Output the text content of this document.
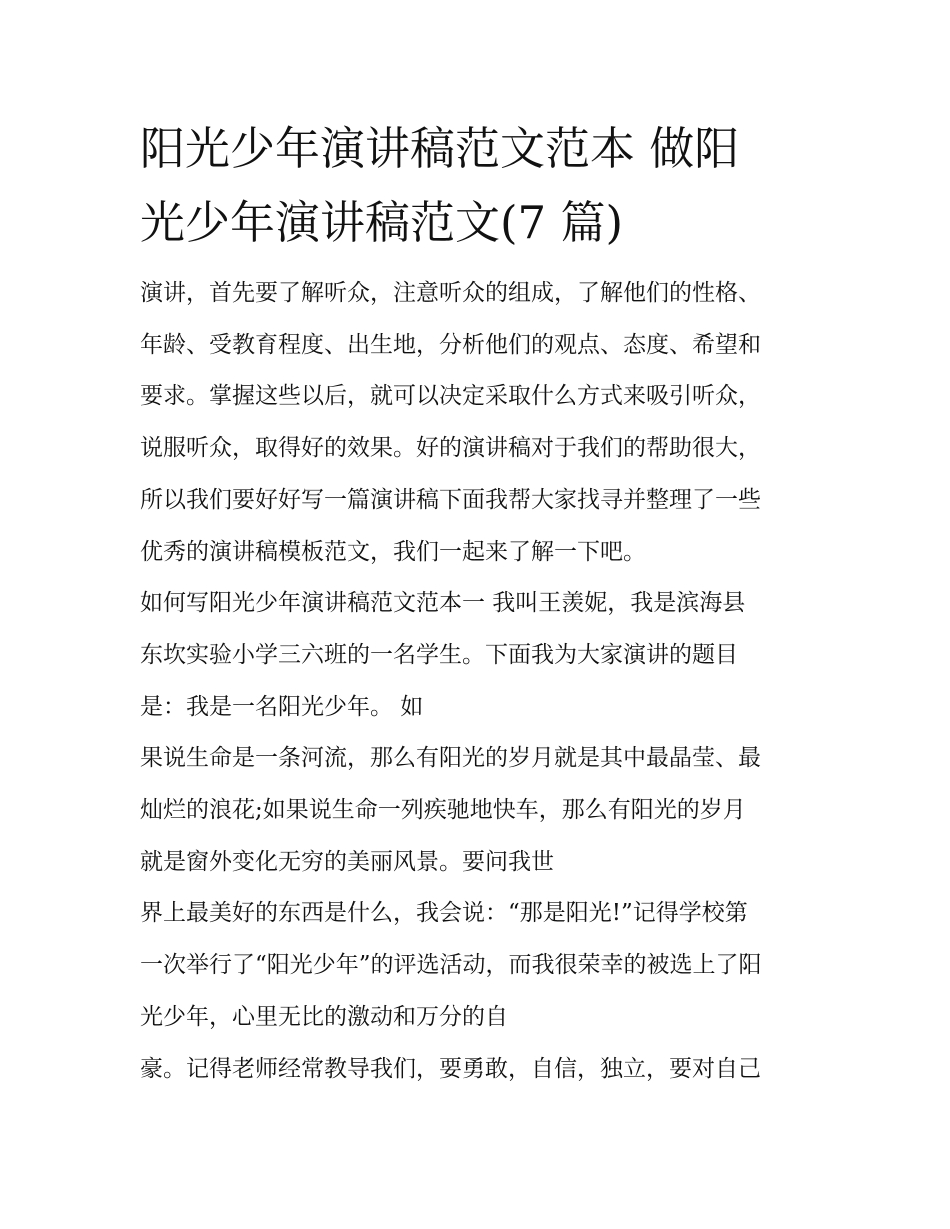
阳光少年演讲稿范文范本 做阳
光少年演讲稿范文(7 篇)
演讲，首先要了解听众，注意听众的组成，了解他们的性格、
年龄、受教育程度、出生地，分析他们的观点、态度、希望和
要求。掌握这些以后，就可以决定采取什么方式来吸引听众，
说服听众，取得好的效果。好的演讲稿对于我们的帮助很大，
所以我们要好好写一篇演讲稿下面我帮大家找寻并整理了一些
优秀的演讲稿模板范文，我们一起来了解一下吧。
如何写阳光少年演讲稿范文范本一 我叫王羡妮，我是滨海县
东坎实验小学三六班的一名学生。下面我为大家演讲的题目
是：我是一名阳光少年。 如
果说生命是一条河流，那么有阳光的岁月就是其中最晶莹、最
灿烂的浪花;如果说生命一列疾驰地快车，那么有阳光的岁月
就是窗外变化无穷的美丽风景。要问我世
界上最美好的东西是什么，我会说：“那是阳光!”记得学校第
一次举行了“阳光少年”的评选活动，而我很荣幸的被选上了阳
光少年，心里无比的激动和万分的自
豪。记得老师经常教导我们，要勇敢，自信，独立，要对自己
